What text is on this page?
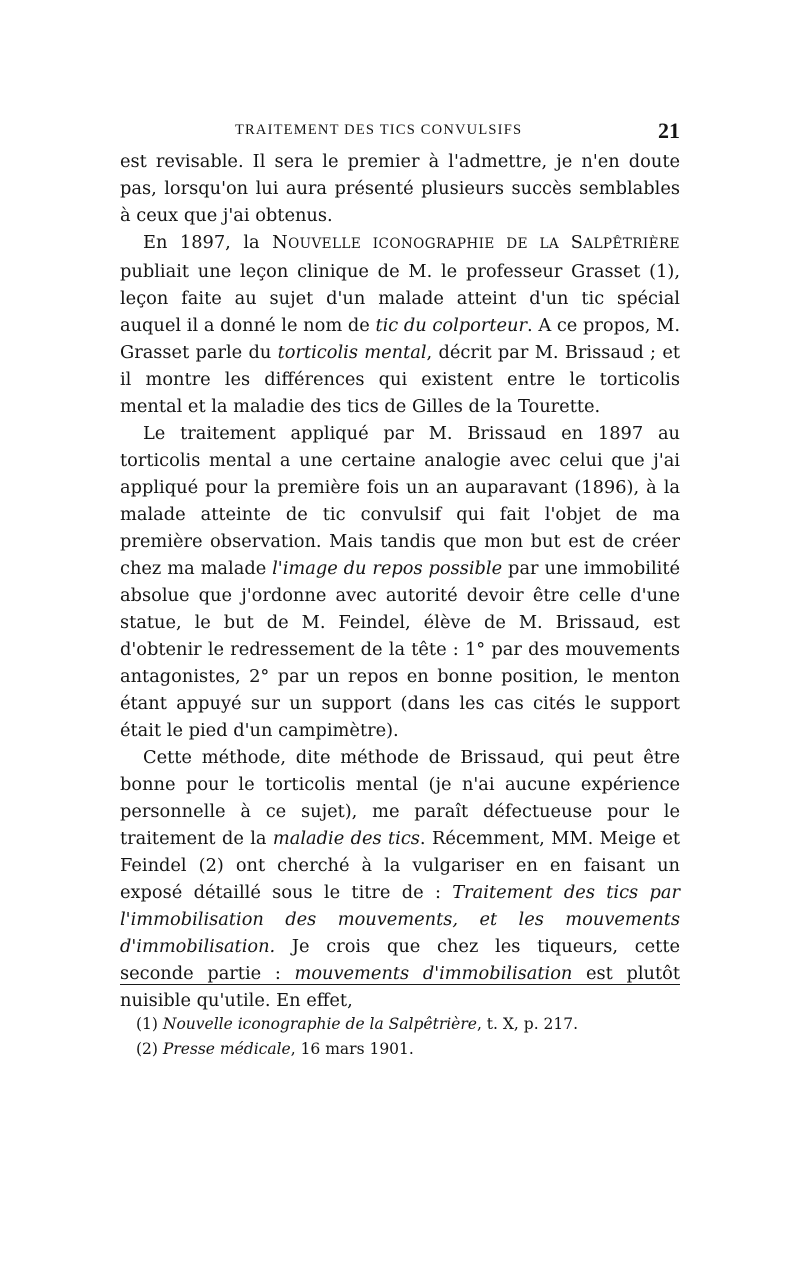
TRAITEMENT DES TICS CONVULSIFS	21

est revisable. Il sera le premier à l'admettre, je n'en doute pas, lorsqu'on lui aura présenté plusieurs succès semblables à ceux que j'ai obtenus.

En 1897, la NOUVELLE ICONOGRAPHIE DE LA SALPÊTRIÈRE publiait une leçon clinique de M. le professeur Grasset (1), leçon faite au sujet d'un malade atteint d'un tic spécial auquel il a donné le nom de tic du colporteur. A ce propos, M. Grasset parle du torticolis mental, décrit par M. Brissaud ; et il montre les différences qui existent entre le torticolis mental et la maladie des tics de Gilles de la Tourette.

Le traitement appliqué par M. Brissaud en 1897 au torticolis mental a une certaine analogie avec celui que j'ai appliqué pour la première fois un an auparavant (1896), à la malade atteinte de tic convulsif qui fait l'objet de ma première observation. Mais tandis que mon but est de créer chez ma malade l'image du repos possible par une immobilité absolue que j'ordonne avec autorité devoir être celle d'une statue, le but de M. Feindel, élève de M. Brissaud, est d'obtenir le redressement de la tête : 1° par des mouvements antagonistes, 2° par un repos en bonne position, le menton étant appuyé sur un support (dans les cas cités le support était le pied d'un campimètre).

Cette méthode, dite méthode de Brissaud, qui peut être bonne pour le torticolis mental (je n'ai aucune expérience personnelle à ce sujet), me paraît défectueuse pour le traitement de la maladie des tics. Récemment, MM. Meige et Feindel (2) ont cherché à la vulgariser en en faisant un exposé détaillé sous le titre de : Traitement des tics par l'immobilisation des mouvements, et les mouvements d'immobilisation. Je crois que chez les tiqueurs, cette seconde partie : mouvements d'immobilisation est plutôt nuisible qu'utile. En effet,

(1) Nouvelle iconographie de la Salpêtrière, t. X, p. 217.
(2) Presse médicale, 16 mars 1901.
